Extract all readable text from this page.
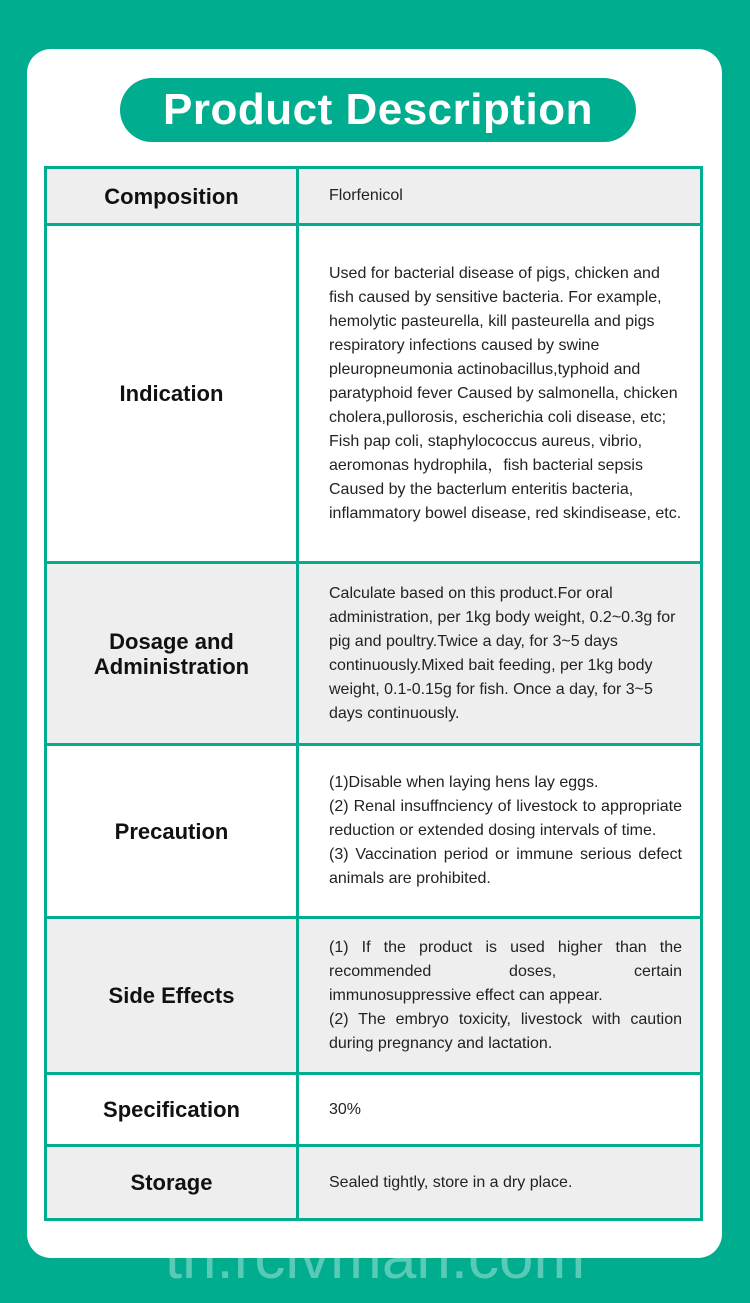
Product Description
Composition	Florfenicol
Indication	Used for bacterial disease of pigs, chicken and fish caused by sensitive bacteria. For example, hemolytic pasteurella, kill pasteurella and pigs respiratory infections caused by swine pleuropneumonia actinobacillus,typhoid and paratyphoid fever Caused by salmonella, chicken cholera,pullorosis, escherichia coli disease, etc; Fish pap coli, staphylococcus aureus, vibrio, aeromonas hydrophila，fish bacterial sepsis Caused by the bacterlum enteritis bacteria, inflammatory bowel disease, red skindisease, etc.

Dosage and
Administration	Calculate based on this product.For oral administration, per 1kg body weight, 0.2~0.3g for pig and poultry.Twice a day, for 3~5 days continuously.Mixed bait feeding, per 1kg body weight, 0.1-0.15g for fish. Once a day, for 3~5 days continuously.
Precaution	(1)Disable when laying hens lay eggs.
(2) Renal insuffnciency of livestock to appropriate reduction or extended dosing intervals of time.
(3) Vaccination period or immune serious defect animals are prohibited.

Side Effects	(1) If the product is used higher than the recommended doses, certain immunosuppressive effect can appear.
(2) The embryo toxicity, livestock with caution during pregnancy and lactation.

Specification	30%
Storage	Sealed tightly, store in a dry place.
th.rclvman.com
